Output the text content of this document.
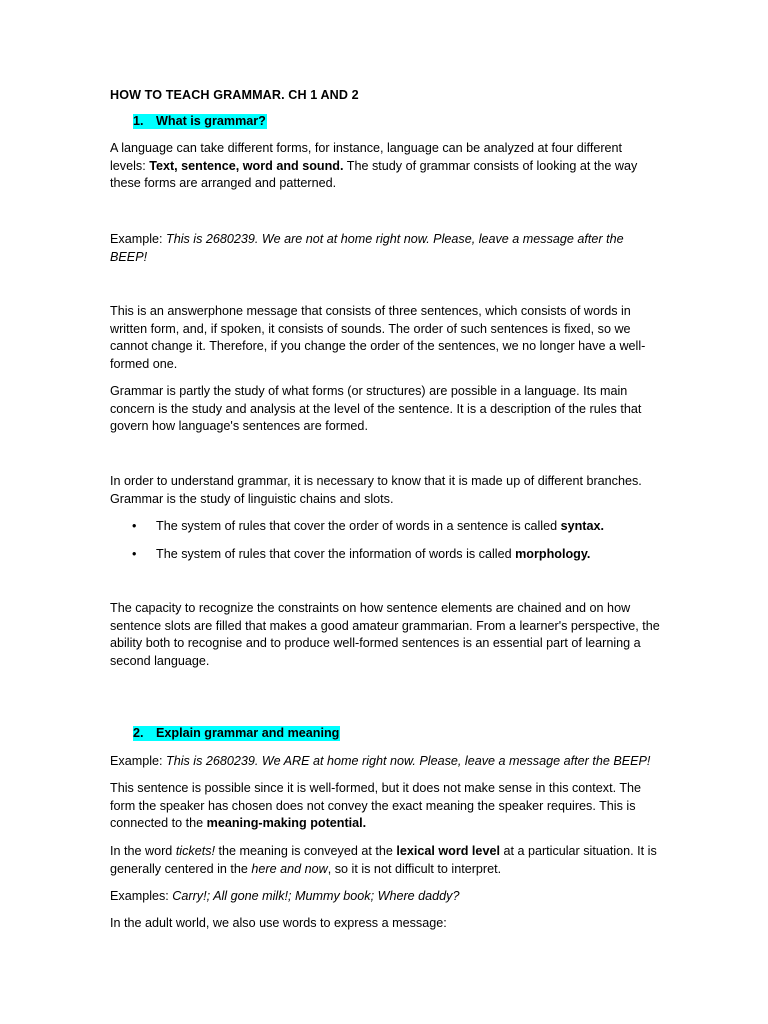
HOW TO TEACH GRAMMAR. CH 1 AND 2

1. What is grammar?

A language can take different forms, for instance, language can be analyzed at four different levels: Text, sentence, word and sound. The study of grammar consists of looking at the way these forms are arranged and patterned.

Example: This is 2680239. We are not at home right now. Please, leave a message after the BEEP!

This is an answerphone message that consists of three sentences, which consists of words in written form, and, if spoken, it consists of sounds. The order of such sentences is fixed, so we cannot change it. Therefore, if you change the order of the sentences, we no longer have a well-formed one.

Grammar is partly the study of what forms (or structures) are possible in a language. Its main concern is the study and analysis at the level of the sentence. It is a description of the rules that govern how language's sentences are formed.

In order to understand grammar, it is necessary to know that it is made up of different branches. Grammar is the study of linguistic chains and slots.

• The system of rules that cover the order of words in a sentence is called syntax.
• The system of rules that cover the information of words is called morphology.

The capacity to recognize the constraints on how sentence elements are chained and on how sentence slots are filled that makes a good amateur grammarian. From a learner's perspective, the ability both to recognise and to produce well-formed sentences is an essential part of learning a second language.

2. Explain grammar and meaning

Example: This is 2680239. We ARE at home right now. Please, leave a message after the BEEP!

This sentence is possible since it is well-formed, but it does not make sense in this context. The form the speaker has chosen does not convey the exact meaning the speaker requires. This is connected to the meaning-making potential.

In the word tickets! the meaning is conveyed at the lexical word level at a particular situation. It is generally centered in the here and now, so it is not difficult to interpret.

Examples: Carry!; All gone milk!; Mummy book; Where daddy?

In the adult world, we also use words to express a message:
